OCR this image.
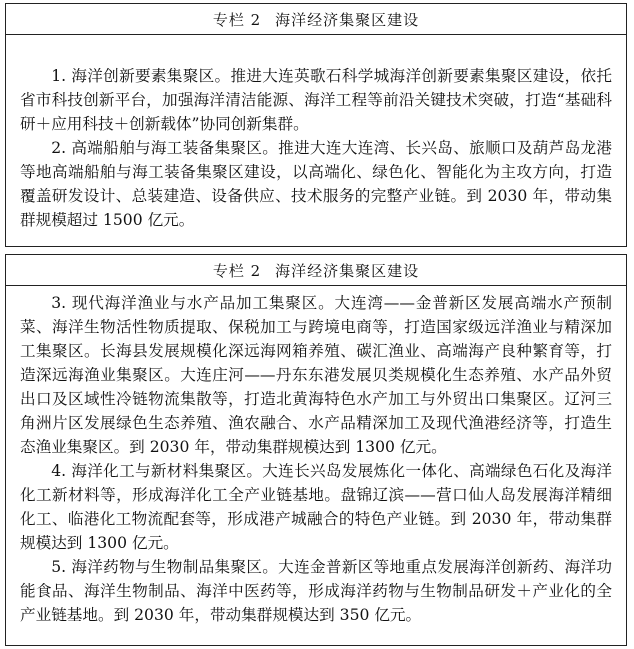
专栏 2 海洋经济集聚区建设

1. 海洋创新要素集聚区。推进大连英歌石科学城海洋创新要素集聚区建设，依托省市科技创新平台，加强海洋清洁能源、海洋工程等前沿关键技术突破，打造“基础科研＋应用科技＋创新载体”协同创新集群。

2. 高端船舶与海工装备集聚区。推进大连大连湾、长兴岛、旅顺口及葫芦岛龙港等地高端船舶与海工装备集聚区建设，以高端化、绿色化、智能化为主攻方向，打造覆盖研发设计、总装建造、设备供应、技术服务的完整产业链。到 2030 年，带动集群规模超过 1500 亿元。

专栏 2 海洋经济集聚区建设

3. 现代海洋渔业与水产品加工集聚区。大连湾——金普新区发展高端水产预制菜、海洋生物活性物质提取、保税加工与跨境电商等，打造国家级远洋渔业与精深加工集聚区。长海县发展规模化深远海网箱养殖、碳汇渔业、高端海产良种繁育等，打造深远海渔业集聚区。大连庄河——丹东东港发展贝类规模化生态养殖、水产品外贸出口及区域性冷链物流集散等，打造北黄海特色水产加工与外贸出口集聚区。辽河三角洲片区发展绿色生态养殖、渔农融合、水产品精深加工及现代渔港经济等，打造生态渔业集聚区。到 2030 年，带动集群规模达到 1300 亿元。

4. 海洋化工与新材料集聚区。大连长兴岛发展炼化一体化、高端绿色石化及海洋化工新材料等，形成海洋化工全产业链基地。盘锦辽滨——营口仙人岛发展海洋精细化工、临港化工物流配套等，形成港产城融合的特色产业链。到 2030 年，带动集群规模达到 1300 亿元。

5. 海洋药物与生物制品集聚区。大连金普新区等地重点发展海洋创新药、海洋功能食品、海洋生物制品、海洋中医药等，形成海洋药物与生物制品研发＋产业化的全产业链基地。到 2030 年，带动集群规模达到 350 亿元。
